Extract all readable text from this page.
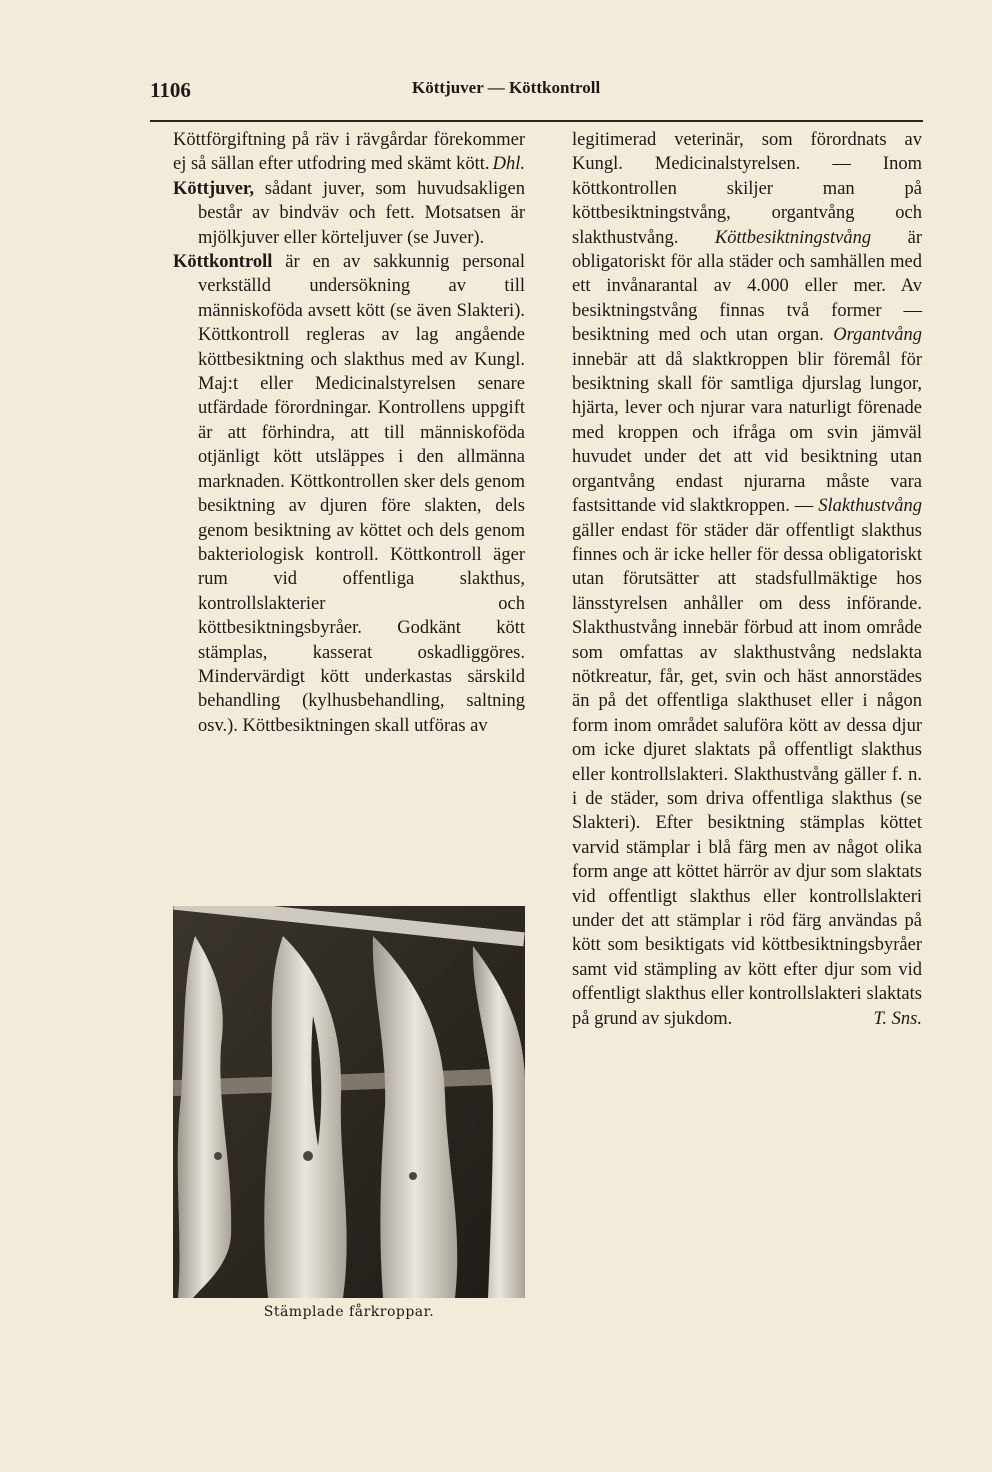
1106	Köttjuver — Köttkontroll

Köttförgiftning på räv i rävgårdar förekommer ej så sällan efter utfodring med skämt kött. Dhl.

Köttjuver, sådant juver, som huvudsakligen består av bindväv och fett. Motsatsen är mjölkjuver eller körteljuver (se Juver).

Köttkontroll är en av sakkunnig personal verkställd undersökning av till människoföda avsett kött (se även Slakteri). Köttkontroll regleras av lag angående köttbesiktning och slakthus med av Kungl. Maj:t eller Medicinalstyrelsen senare utfärdade förordningar. Kontrollens uppgift är att förhindra, att till människoföda otjänligt kött utsläppes i den allmänna marknaden. Köttkontrollen sker dels genom besiktning av djuren före slakten, dels genom besiktning av köttet och dels genom bakteriologisk kontroll. Köttkontroll äger rum vid offentliga slakthus, kontrollslakterier och köttbesiktningsbyråer. Godkänt kött stämplas, kasserat oskadliggöres. Mindervärdigt kött underkastas särskild behandling (kylhusbehandling, saltning osv.). Köttbesiktningen skall utföras av

Stämplade fårkroppar.

legitimerad veterinär, som förordnats av Kungl. Medicinalstyrelsen. — Inom köttkontrollen skiljer man på köttbesiktningstvång, organtvång och slakthustvång. Köttbesiktningstvång är obligatoriskt för alla städer och samhällen med ett invånarantal av 4.000 eller mer. Av besiktningstvång finnas två former — besiktning med och utan organ. Organtvång innebär att då slaktkroppen blir föremål för besiktning skall för samtliga djurslag lungor, hjärta, lever och njurar vara naturligt förenade med kroppen och ifråga om svin jämväl huvudet under det att vid besiktning utan organtvång endast njurarna måste vara fastsittande vid slaktkroppen. — Slakthustvång gäller endast för städer där offentligt slakthus finnes och är icke heller för dessa obligatoriskt utan förutsätter att stadsfullmäktige hos länsstyrelsen anhåller om dess införande. Slakthustvång innebär förbud att inom område som omfattas av slakthustvång nedslakta nötkreatur, får, get, svin och häst annorstädes än på det offentliga slakthuset eller i någon form inom området saluföra kött av dessa djur om icke djuret slaktats på offentligt slakthus eller kontrollslakteri. Slakthustvång gäller f. n. i de städer, som driva offentliga slakthus (se Slakteri). Efter besiktning stämplas köttet varvid stämplar i blå färg men av något olika form ange att köttet härrör av djur som slaktats vid offentligt slakthus eller kontrollslakteri under det att stämplar i röd färg användas på kött som besiktigats vid köttbesiktningsbyråer samt vid stämpling av kött efter djur som vid offentligt slakthus eller kontrollslakteri slaktats på grund av sjukdom.	T. Sns.
